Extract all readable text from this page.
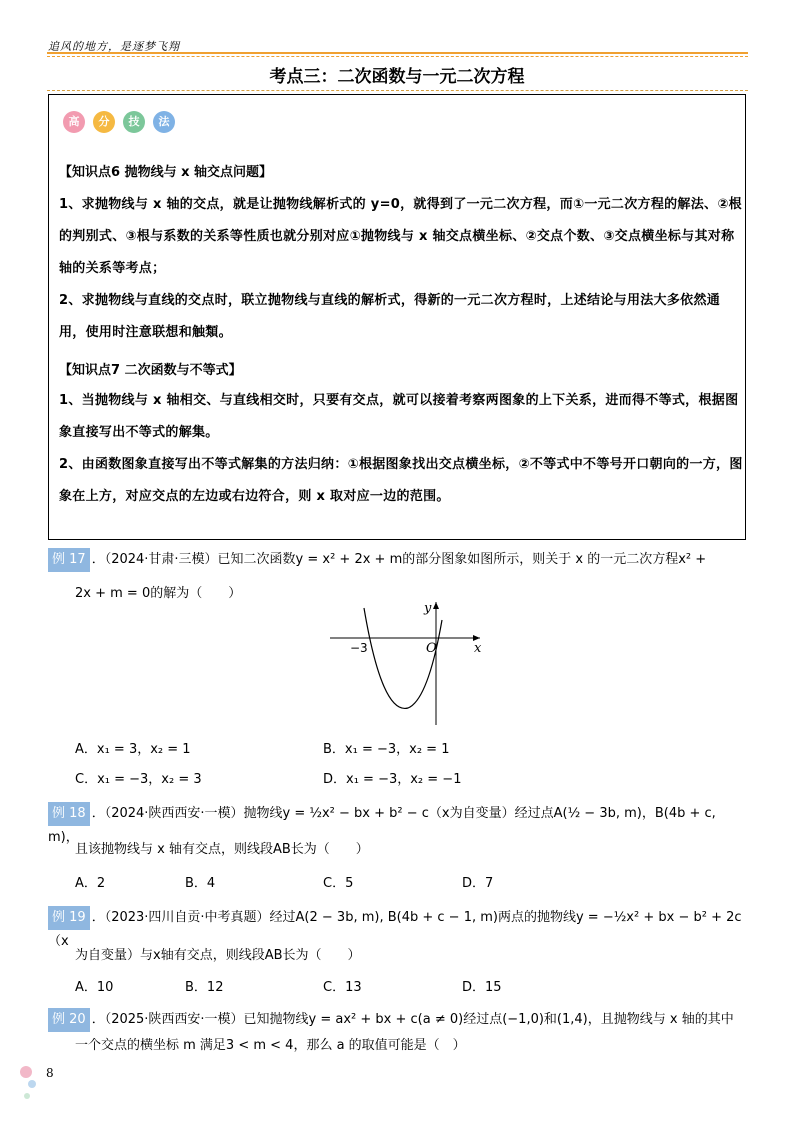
追风的地方，是逐梦飞翔
考点三：二次函数与一元二次方程
高	分	技	法
【知识点6 抛物线与 x 轴交点问题】
1、求抛物线与 x 轴的交点，就是让抛物线解析式的 y=0，就得到了一元二次方程，而①一元二次方程的解法、②根的判别式、③根与系数的关系等性质也就分别对应①抛物线与 x 轴交点横坐标、②交点个数、③交点横坐标与其对称轴的关系等考点；
2、求抛物线与直线的交点时，联立抛物线与直线的解析式，得新的一元二次方程时，上述结论与用法大多依然通用，使用时注意联想和触類。
【知识点7 二次函数与不等式】
1、当抛物线与 x 轴相交、与直线相交时，只要有交点，就可以接着考察两图象的上下关系，进而得不等式，根据图象直接写出不等式的解集。
2、由函数图象直接写出不等式解集的方法归纳：①根据图象找出交点横坐标，②不等式中不等号开口朝向的一方，图象在上方，对应交点的左边或右边符合，则 x 取对应一边的范围。
例 17 ．（2024·甘肃·三模）已知二次函数y = x² + 2x + m的部分图象如图所示，则关于 x 的一元二次方程x² +
2x + m = 0的解为（　　）
O	x
y
−3
A．x₁ = 3，x₂ = 1	B．x₁ = −3，x₂ = 1
C．x₁ = −3，x₂ = 3	D．x₁ = −3，x₂ = −1
例 18 ．（2024·陕西西安·一模）抛物线y = ½x² − bx + b² − c（x为自变量）经过点A(½ − 3b, m)，B(4b + c, m)，
且该抛物线与 x 轴有交点，则线段AB长为（　　）
A．2	B．4	C．5	D．7
例 19 ．（2023·四川自贡·中考真题）经过A(2 − 3b, m), B(4b + c − 1, m)两点的抛物线y = −½x² + bx − b² + 2c（x
为自变量）与x轴有交点，则线段AB长为（　　）
A．10	B．12	C．13	D．15
例 20 ．（2025·陕西西安·一模）已知抛物线y = ax² + bx + c(a ≠ 0)经过点(−1,0)和(1,4)，且抛物线与 x 轴的其中
一个交点的横坐标 m 满足3 < m < 4，那么 a 的取值可能是（　）
8
